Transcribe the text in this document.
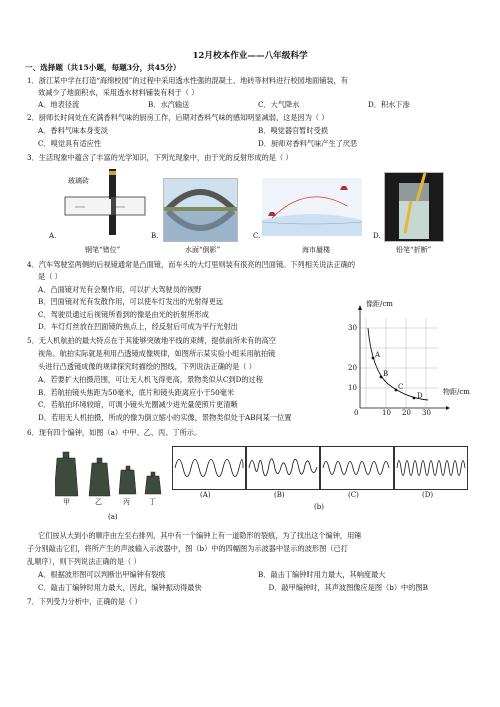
12月校本作业——八年级科学
一、选择题（共15小题，每题3分，共45分）
1．浙江某中学在打造“海绵校园”的过程中采用透水性强的混凝土、地砖等材料进行校园地面铺装，有
效减少了地面积水，采用透水材料铺装有利于（ ）
A．地表径流	B．水汽输送	C．大气降水	D．积水下渗
2．厨师长时间处在充满香料气味的厨房工作，后期对香料气味的感知明显减弱，这是因为（ ）
A．香料气味本身变淡	B．嗅觉器官暂时受损
C．嗅觉具有适应性	D．厨师对香料气味产生了厌恶
3．生活现象中蕴含了丰富的光学知识，下列光现象中，由于光的反射形成的是（ ）
玻璃砖
A.	B.	C.	D.
钢笔“错位”	水面“倒影”	海市蜃楼	铅笔“折断”
4．汽车驾驶室两侧的后视镜通常是凸面镜，而车头的大灯里则装有很亮的凹面镜。下列相关说法正确的
是（ ）
A．凸面镜对光有会聚作用，可以扩大驾驶员的视野
B．凹面镜对光有发散作用，可以使车灯发出的光射得更远
C．驾驶员通过后视镜所看到的像是由光的折射所形成
D．车灯灯丝放在凹面镜的焦点上，经反射后可成为平行光射出
5．无人机航拍的最大特点在于其能够突破地平线的束缚，提供前所未有的高空
视角。航拍实际就是利用凸透镜成像规律，如图所示某实验小组采用航拍镜
头进行凸透镜成像的规律探究时描绘的图线，下列说法正确的是（ ）
A．若要扩大拍摄范围，可让无人机飞得更高，景物类似从C到D的过程
B．若航拍镜头焦距为50毫米，底片和镜头距离应小于50毫米
C．若航拍环境较暗，可调小镜头光圈减少进光量使照片更清晰
D．若用无人机拍摄，所成的像为倒立缩小的实像，景物类似处于AB间某一位置
像距/cm
物距/cm
30
20
10
0	10 20 30
A
B
C
D
6．现有四个编钟，如图（a）中甲、乙、丙、丁所示。
甲	乙	丙	丁
(a)
(A)	(B)	(C)	(D)
(b)
它们按从大到小的顺序由左至右排列，其中有一个编钟上有一道隐形的裂痕，为了找出这个编钟，用锤
子分别敲击它们，将所产生的声波输入示波器中，图（b）中的四幅图为示波器中显示的波形图（已打
乱顺序），则下列说法正确的是（ ）
A．根据波形图可以判断出甲编钟有裂痕	B．敲击丁编钟时用力最大，其响度最大
C．敲击丁编钟时用力最大，因此，编钟振动得最快	D．敲甲编钟时，其声波图像应是图（b）中的图B
7．下列受力分析中，正确的是（ ）
